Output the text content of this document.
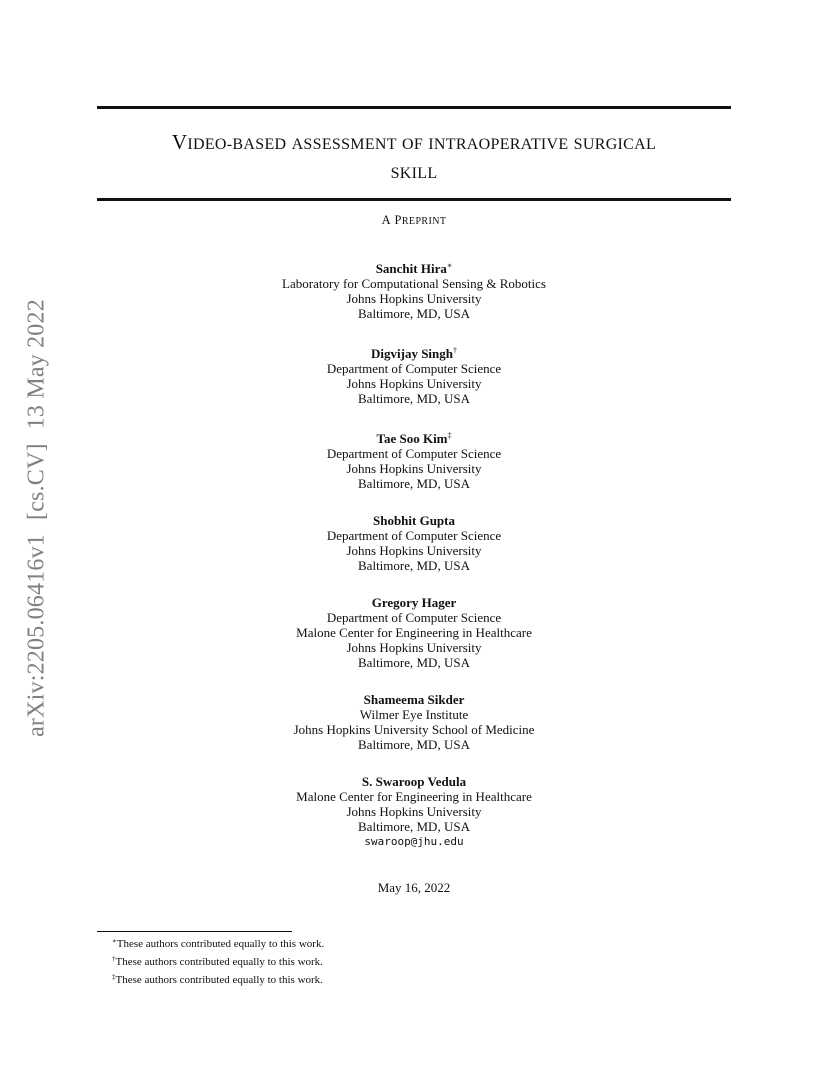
arXiv:2205.06416v1[cs.CV]13 May 2022
VIDEO-BASED ASSESSMENT OF INTRAOPERATIVE SURGICAL
SKILL
A PREPRINT
Sanchit Hira∗
Laboratory for Computational Sensing & Robotics
Johns Hopkins University
Baltimore, MD, USA
Digvijay Singh†
Department of Computer Science
Johns Hopkins University
Baltimore, MD, USA
Tae Soo Kim‡
Department of Computer Science
Johns Hopkins University
Baltimore, MD, USA
Shobhit Gupta
Department of Computer Science
Johns Hopkins University
Baltimore, MD, USA
Gregory Hager
Department of Computer Science
Malone Center for Engineering in Healthcare
Johns Hopkins University
Baltimore, MD, USA
Shameema Sikder
Wilmer Eye Institute
Johns Hopkins University School of Medicine
Baltimore, MD, USA
S. Swaroop Vedula
Malone Center for Engineering in Healthcare
Johns Hopkins University
Baltimore, MD, USA
swaroop@jhu.edu
May 16, 2022
∗These authors contributed equally to this work.
†These authors contributed equally to this work.
‡These authors contributed equally to this work.
